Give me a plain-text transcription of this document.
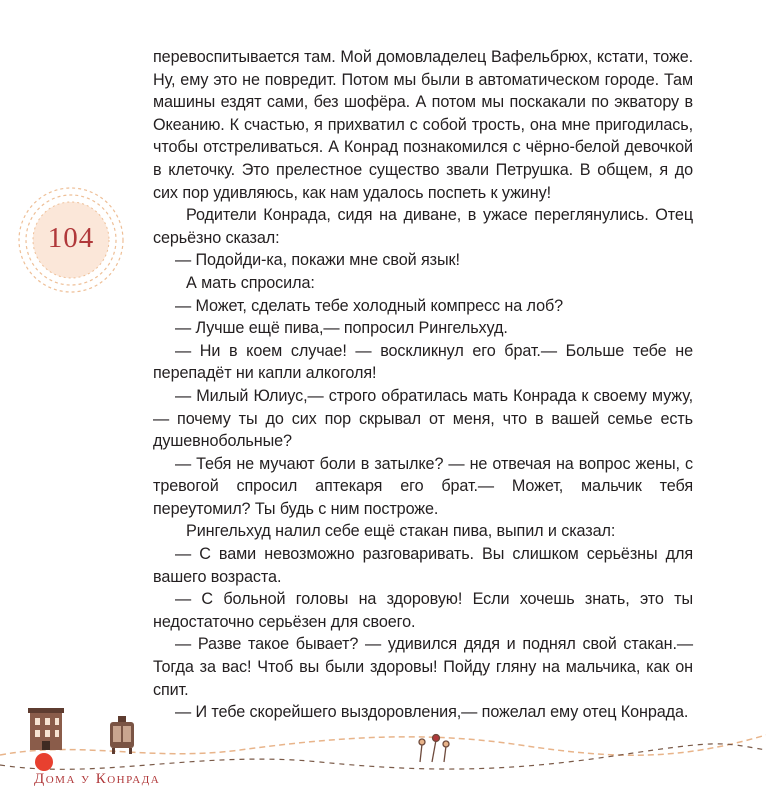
104

перевоспитывается там. Мой домовладелец Вафельбрюх, кстати, тоже. Ну, ему это не повредит. Потом мы были в автоматическом городе. Там машины ездят сами, без шофёра. А потом мы поскакали по экватору в Океанию. К счастью, я прихватил с собой трость, она мне пригодилась, чтобы отстреливаться. А Конрад познакомился с чёрно-белой девочкой в клеточку. Это прелестное существо звали Петрушка. В общем, я до сих пор удивляюсь, как нам удалось поспеть к ужину!

Родители Конрада, сидя на диване, в ужасе переглянулись. Отец серьёзно сказал:

— Подойди-ка, покажи мне свой язык!

А мать спросила:

— Может, сделать тебе холодный компресс на лоб?

— Лучше ещё пива,— попросил Рингельхуд.

— Ни в коем случае! — воскликнул его брат.— Больше тебе не перепадёт ни капли алкоголя!

— Милый Юлиус,— строго обратилась мать Конрада к своему мужу,— почему ты до сих пор скрывал от меня, что в вашей семье есть душевнобольные?

— Тебя не мучают боли в затылке? — не отвечая на вопрос жены, с тревогой спросил аптекаря его брат.— Может, мальчик тебя переутомил? Ты будь с ним построже.

Рингельхуд налил себе ещё стакан пива, выпил и сказал:

— С вами невозможно разговаривать. Вы слишком серьёзны для вашего возраста.

— С больной головы на здоровую! Если хочешь знать, это ты недостаточно серьёзен для своего.

— Разве такое бывает? — удивился дядя и поднял свой стакан.— Тогда за вас! Чтоб вы были здоровы! Пойду гляну на мальчика, как он спит.

— И тебе скорейшего выздоровления,— пожелал ему отец Конрада.

Дома у Конрада
